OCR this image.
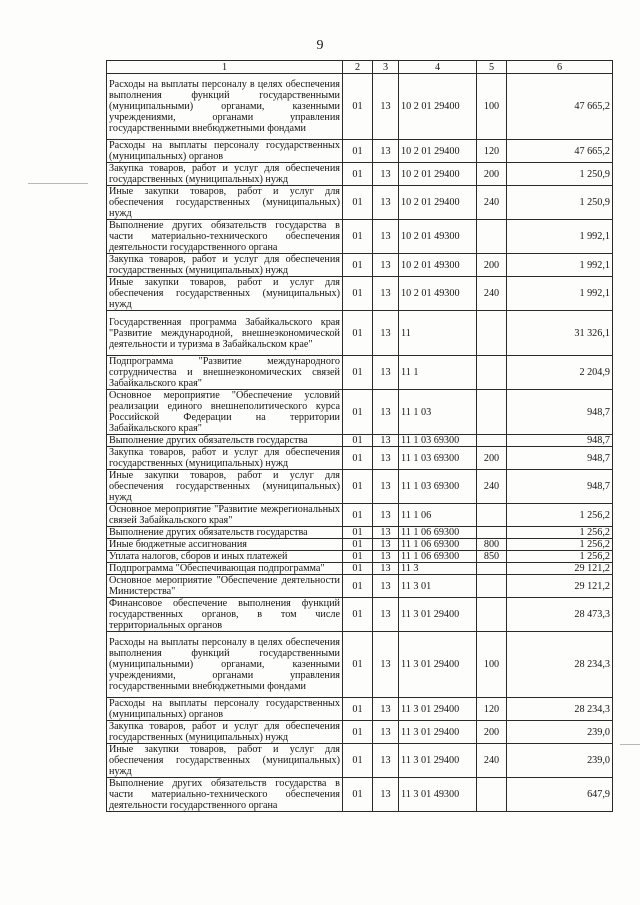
9
1	2	3	4	5	6
Расходы на выплаты персоналу в целях обеспечения выполнения функций государственными (муниципальными) органами, казенными учреждениями, органами управления государственными внебюджетными фондами	01	13	10 2 01 29400	100	47 665,2
Расходы на выплаты персоналу государственных (муниципальных) органов	01	13	10 2 01 29400	120	47 665,2
Закупка товаров, работ и услуг для обеспечения государственных (муниципальных) нужд	01	13	10 2 01 29400	200	1 250,9
Иные закупки товаров, работ и услуг для обеспечения государственных (муниципальных) нужд	01	13	10 2 01 29400	240	1 250,9
Выполнение других обязательств государства в части материально-технического обеспечения деятельности государственного органа	01	13	10 2 01 49300		1 992,1
Закупка товаров, работ и услуг для обеспечения государственных (муниципальных) нужд	01	13	10 2 01 49300	200	1 992,1
Иные закупки товаров, работ и услуг для обеспечения государственных (муниципальных) нужд	01	13	10 2 01 49300	240	1 992,1
Государственная программа Забайкальского края "Развитие международной, внешнеэкономической деятельности и туризма в Забайкальском крае"	01	13	11		31 326,1
Подпрограмма "Развитие международного сотрудничества и внешнеэкономических связей Забайкальского края"	01	13	11 1		2 204,9
Основное мероприятие "Обеспечение условий реализации единого внешнеполитического курса Российской Федерации на территории Забайкальского края"	01	13	11 1 03		948,7
Выполнение других обязательств государства	01	13	11 1 03 69300		948,7
Закупка товаров, работ и услуг для обеспечения государственных (муниципальных) нужд	01	13	11 1 03 69300	200	948,7
Иные закупки товаров, работ и услуг для обеспечения государственных (муниципальных) нужд	01	13	11 1 03 69300	240	948,7
Основное мероприятие "Развитие межрегиональных связей Забайкальского края"	01	13	11 1 06		1 256,2
Выполнение других обязательств государства	01	13	11 1 06 69300		1 256,2
Иные бюджетные ассигнования	01	13	11 1 06 69300	800	1 256,2
Уплата налогов, сборов и иных платежей	01	13	11 1 06 69300	850	1 256,2
Подпрограмма "Обеспечивающая подпрограмма"	01	13	11 3		29 121,2
Основное мероприятие "Обеспечение деятельности Министерства"	01	13	11 3 01		29 121,2
Финансовое обеспечение выполнения функций государственных органов, в том числе территориальных органов	01	13	11 3 01 29400		28 473,3
Расходы на выплаты персоналу в целях обеспечения выполнения функций государственными (муниципальными) органами, казенными учреждениями, органами управления государственными внебюджетными фондами	01	13	11 3 01 29400	100	28 234,3
Расходы на выплаты персоналу государственных (муниципальных) органов	01	13	11 3 01 29400	120	28 234,3
Закупка товаров, работ и услуг для обеспечения государственных (муниципальных) нужд	01	13	11 3 01 29400	200	239,0
Иные закупки товаров, работ и услуг для обеспечения государственных (муниципальных) нужд	01	13	11 3 01 29400	240	239,0
Выполнение других обязательств государства в части материально-технического обеспечения деятельности государственного органа	01	13	11 3 01 49300		647,9
